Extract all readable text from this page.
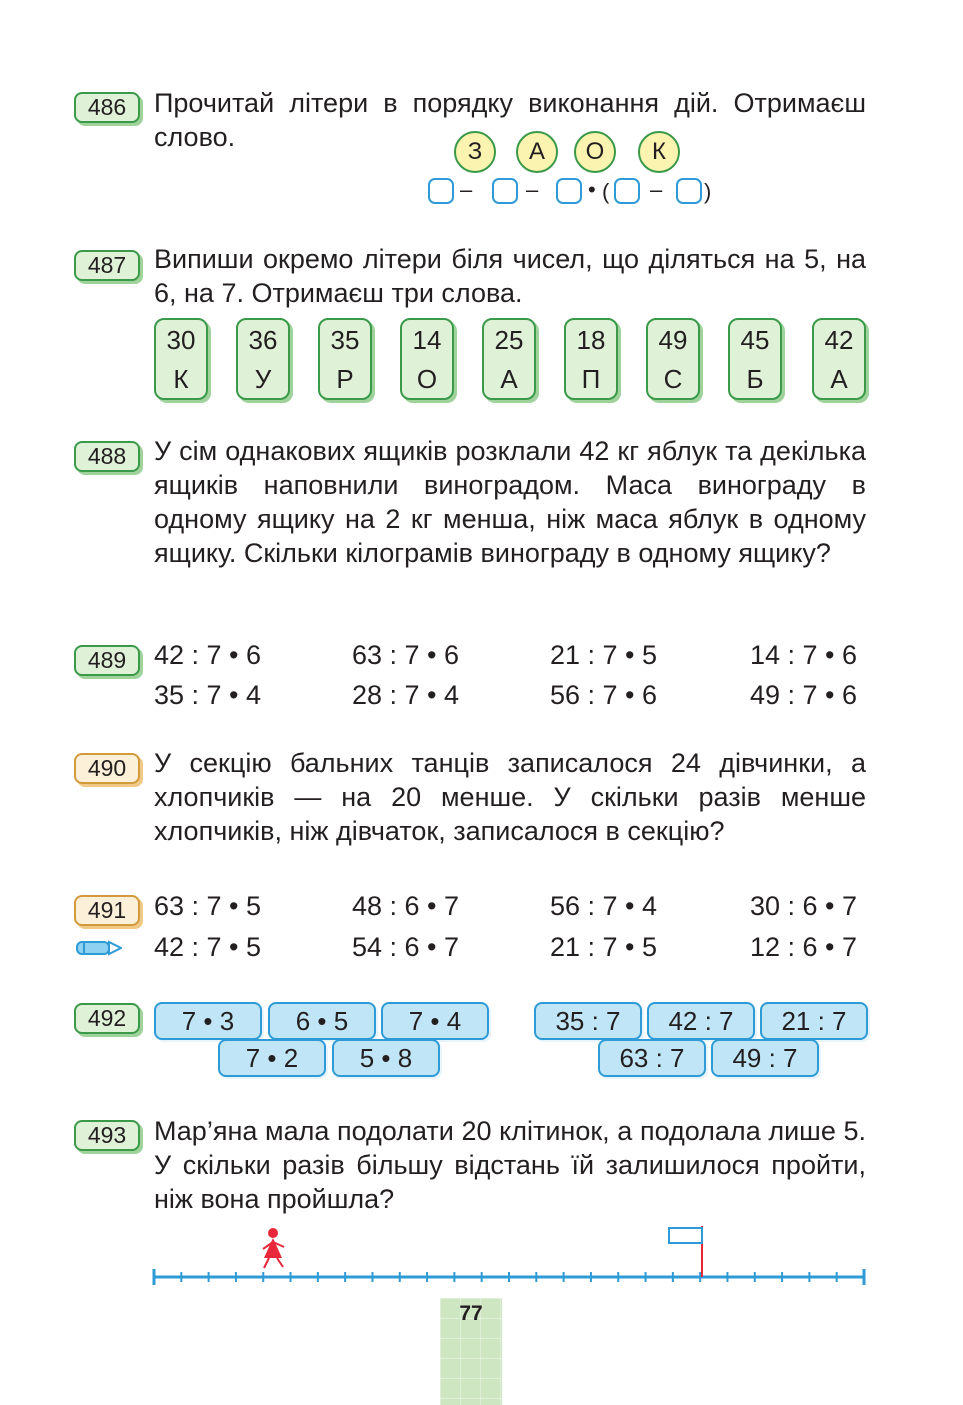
486	Прочитай літери в порядку виконання дій. Отримаєш слово.	З	А	О	К
– – • ( – )
487	Випиши окремо літери біля чисел, що діляться на 5, на 6, на 7. Отримаєш три слова.
30
К
36
У
35
Р
14
О
25
А
18
П
49
С
45
Б
42
А
488	У сім однакових ящиків розклали 42 кг яблук та декілька ящиків наповнили виноградом. Маса винограду в одному ящику на 2 кг менша, ніж маса яблук в одному ящику. Скільки кілограмів винограду в одному ящику?
489	42 : 7 • 6	63 : 7 • 6	21 : 7 • 5	14 : 7 • 6
35 : 7 • 4	28 : 7 • 4	56 : 7 • 6	49 : 7 • 6
490	У секцію бальних танців записалося 24 дівчинки, а хлопчиків — на 20 менше. У скільки разів менше хлопчиків, ніж дівчаток, записалося в секцію?
491	63 : 7 • 5	48 : 6 • 7	56 : 7 • 4	30 : 6 • 7
42 : 7 • 5	54 : 6 • 7	21 : 7 • 5	12 : 6 • 7
492	7 • 3	6 • 5	7 • 4
7 • 2	5 • 8
35 : 7	42 : 7	21 : 7
63 : 7	49 : 7
493	Мар’яна мала подолати 20 клітинок, а подолала лише 5. У скільки разів більшу відстань їй залишилося пройти, ніж вона пройшла?
77
